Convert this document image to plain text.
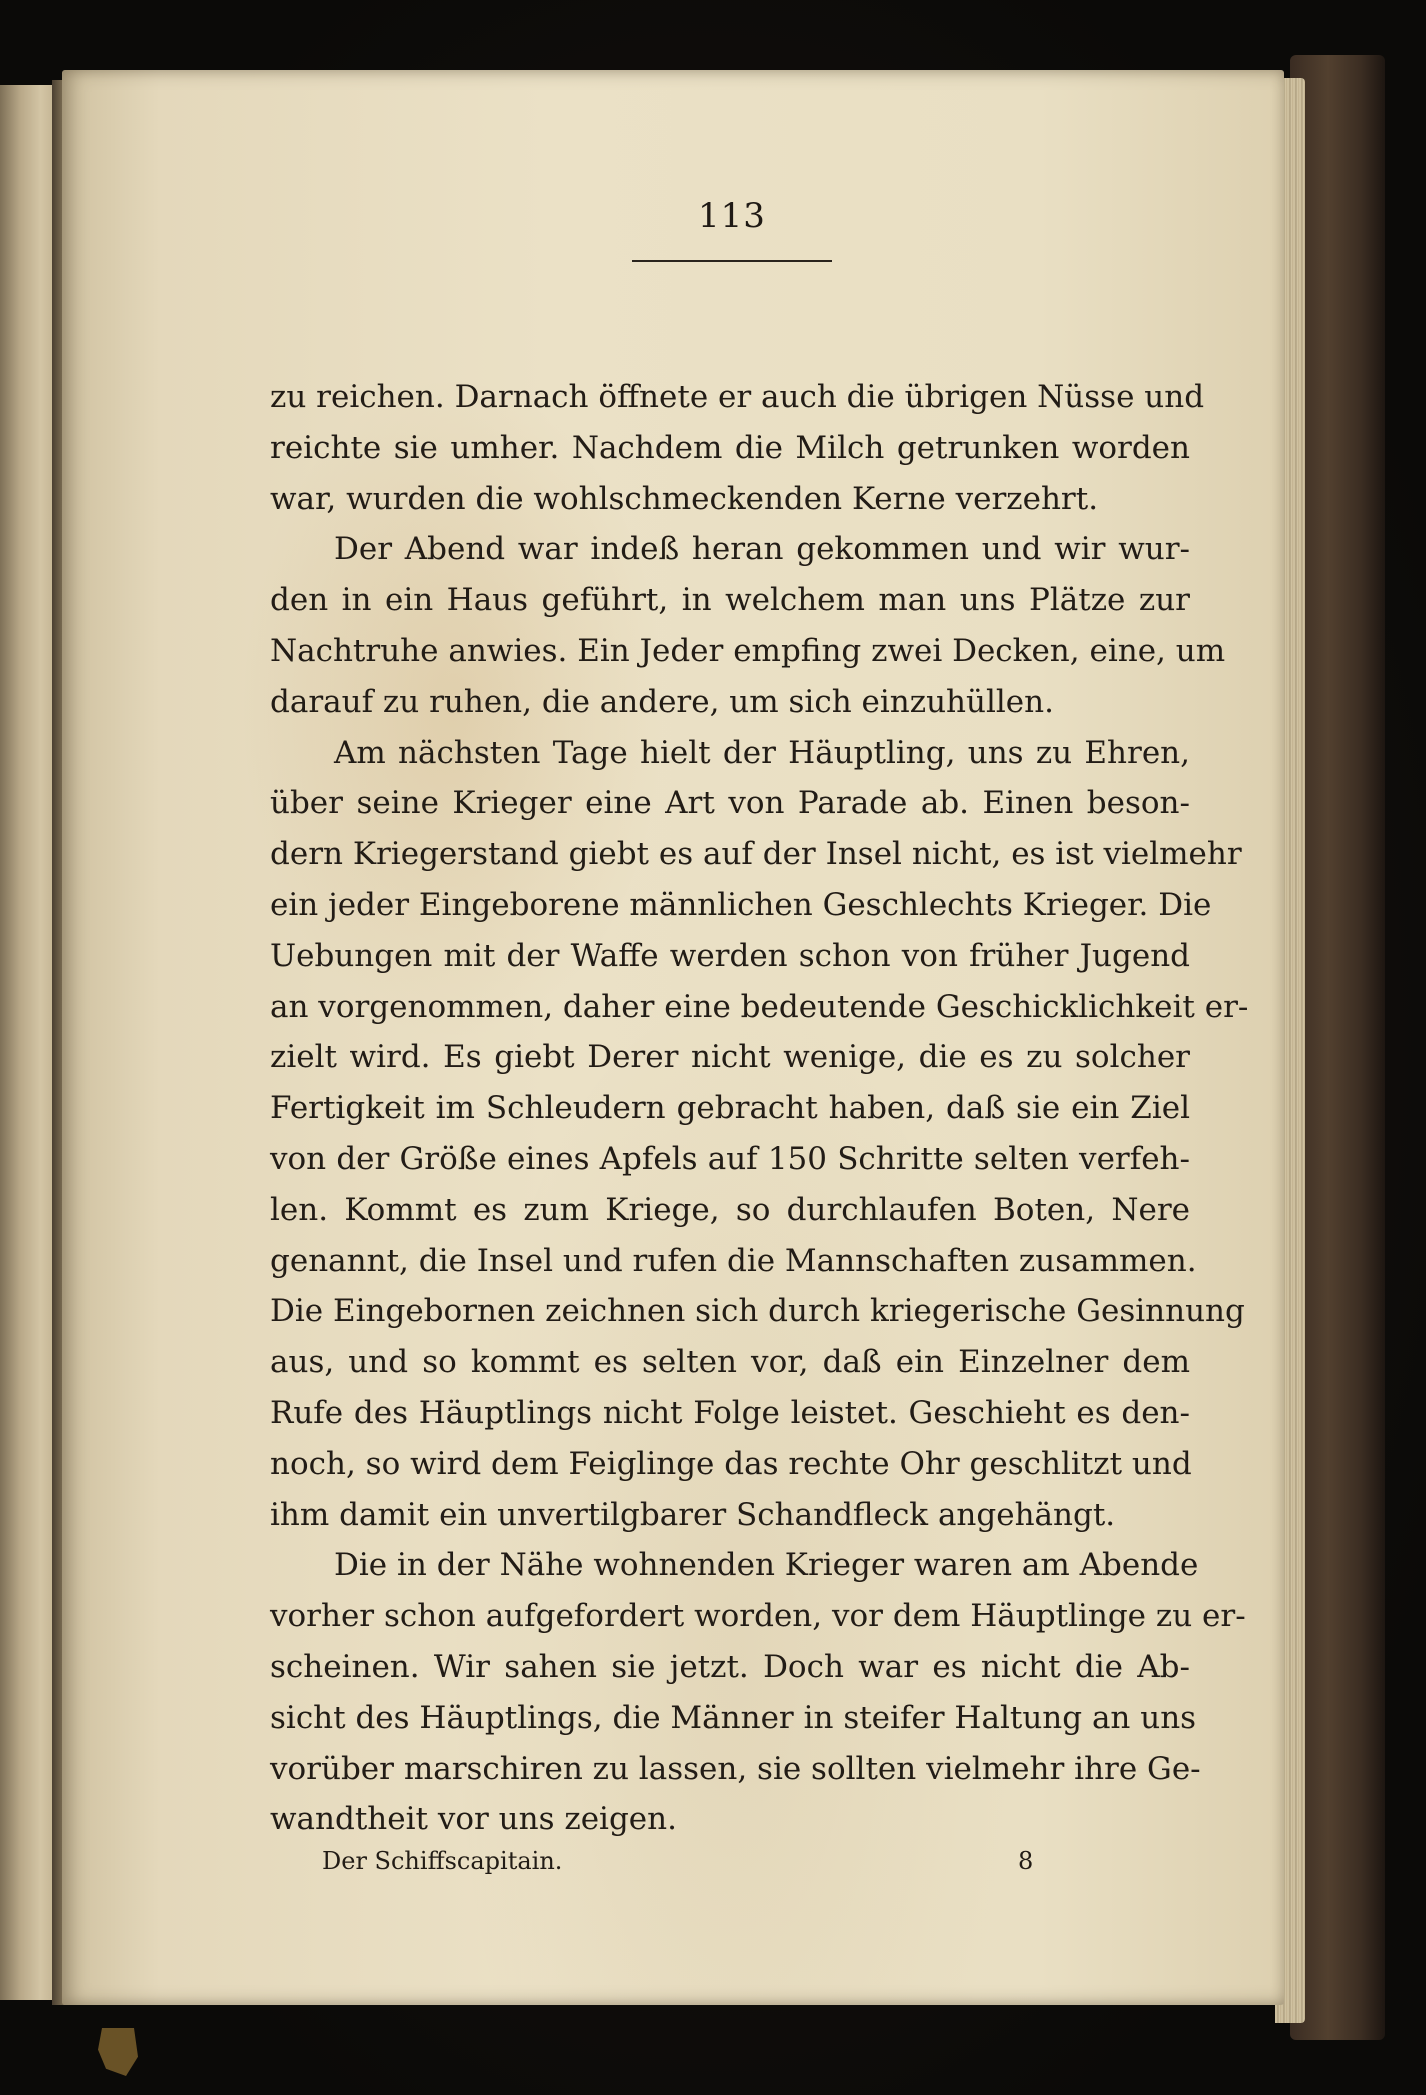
113

zu reichen. Darnach öffnete er auch die übrigen Nüsse und
reichte sie umher. Nachdem die Milch getrunken worden
war, wurden die wohlschmeckenden Kerne verzehrt.
Der Abend war indeß heran gekommen und wir wur-
den in ein Haus geführt, in welchem man uns Plätze zur
Nachtruhe anwies. Ein Jeder empfing zwei Decken, eine, um
darauf zu ruhen, die andere, um sich einzuhüllen.
Am nächsten Tage hielt der Häuptling, uns zu Ehren,
über seine Krieger eine Art von Parade ab. Einen beson-
dern Kriegerstand giebt es auf der Insel nicht, es ist vielmehr
ein jeder Eingeborene männlichen Geschlechts Krieger. Die
Uebungen mit der Waffe werden schon von früher Jugend
an vorgenommen, daher eine bedeutende Geschicklichkeit er-
zielt wird. Es giebt Derer nicht wenige, die es zu solcher
Fertigkeit im Schleudern gebracht haben, daß sie ein Ziel
von der Größe eines Apfels auf 150 Schritte selten verfeh-
len. Kommt es zum Kriege, so durchlaufen Boten, Nere
genannt, die Insel und rufen die Mannschaften zusammen.
Die Eingebornen zeichnen sich durch kriegerische Gesinnung
aus, und so kommt es selten vor, daß ein Einzelner dem
Rufe des Häuptlings nicht Folge leistet. Geschieht es den-
noch, so wird dem Feiglinge das rechte Ohr geschlitzt und
ihm damit ein unvertilgbarer Schandfleck angehängt.
Die in der Nähe wohnenden Krieger waren am Abende
vorher schon aufgefordert worden, vor dem Häuptlinge zu er-
scheinen. Wir sahen sie jetzt. Doch war es nicht die Ab-
sicht des Häuptlings, die Männer in steifer Haltung an uns
vorüber marschiren zu lassen, sie sollten vielmehr ihre Ge-
wandtheit vor uns zeigen.

Der Schiffscapitain.	8
